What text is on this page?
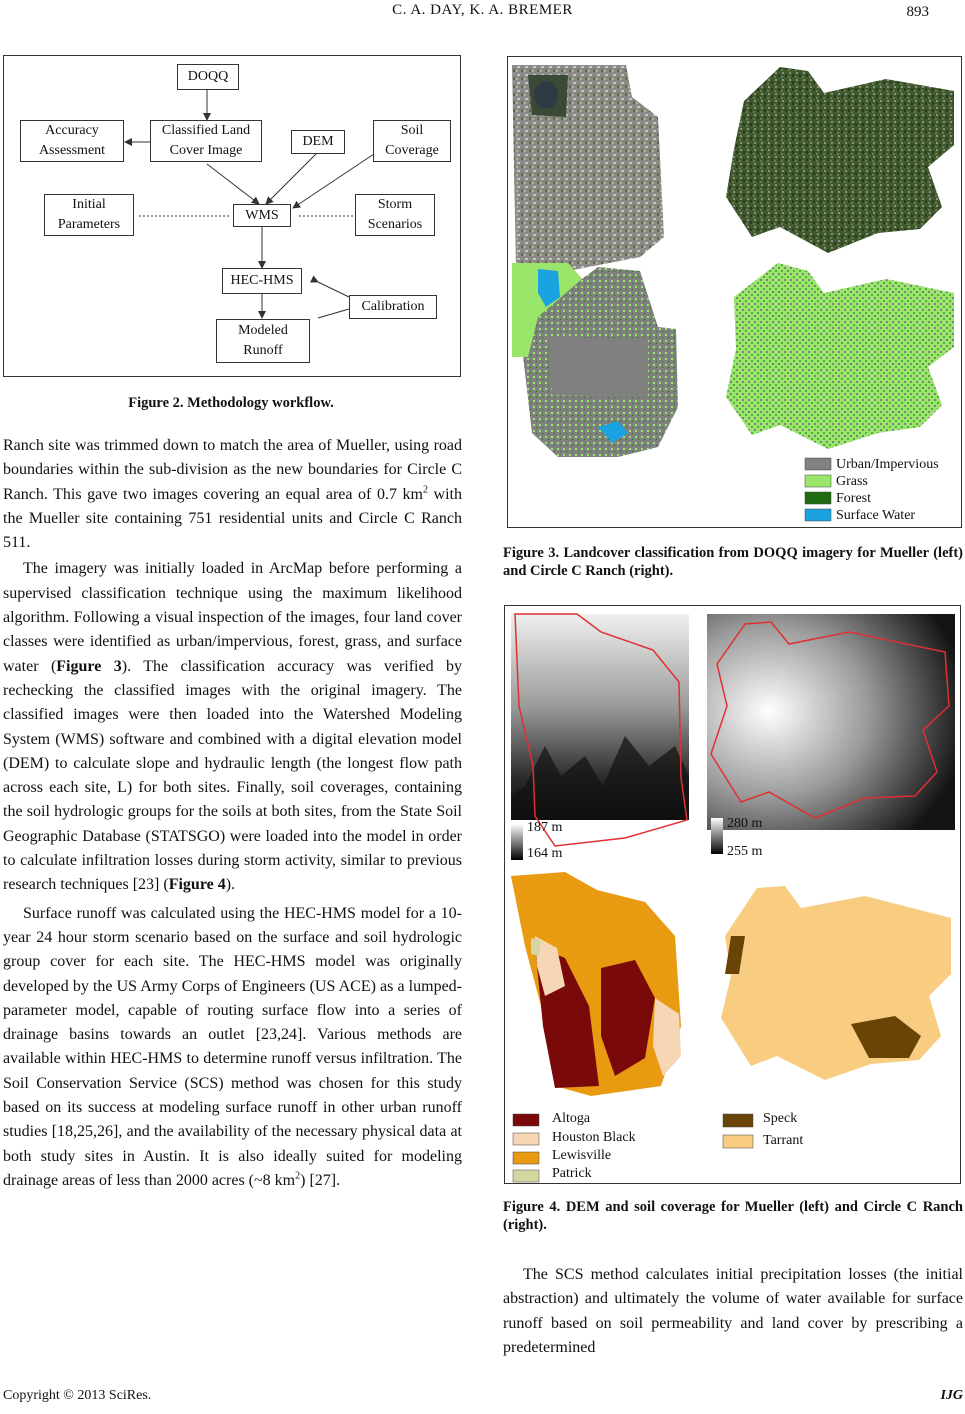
C. A. DAY, K. A. BREMER	893
DOQQ
Accuracy
Assessment
Classified Land
Cover Image
DEM
Soil
Coverage
Initial
Parameters
WMS
Storm
Scenarios
HEC-HMS
Calibration
Modeled
Runoff
Figure 2. Methodology workflow.

Ranch site was trimmed down to match the area of Mueller, using road boundaries within the sub-division as the new boundaries for Circle C Ranch. This gave two images covering an equal area of 0.7 $km^2$ with the Mueller site containing 751 residential units and Circle C Ranch 511.

The imagery was initially loaded in ArcMap before performing a supervised classification technique using the maximum likelihood algorithm. Following a visual inspection of the images, four land cover classes were identified as urban/impervious, forest, grass, and surface water (Figure 3). The classification accuracy was verified by rechecking the classified images with the original imagery. The classified images were then loaded into the Watershed Modeling System (WMS) software and combined with a digital elevation model (DEM) to calculate slope and hydraulic length (the longest flow path across each site, L) for both sites. Finally, soil coverages, containing the soil hydrologic groups for the soils at both sites, from the State Soil Geographic Database (STATSGO) were loaded into the model in order to calculate infiltration losses during storm activity, similar to previous research techniques [23] (Figure 4).

Surface runoff was calculated using the HEC-HMS model for a 10-year 24 hour storm scenario based on the surface and soil hydrologic group cover for each site. The HEC-HMS model was originally developed by the US Army Corps of Engineers (US ACE) as a lumped-parameter model, capable of routing surface flow into a series of drainage basins towards an outlet [23,24]. Various methods are available within HEC-HMS to determine runoff versus infiltration. The Soil Conservation Service (SCS) method was chosen for this study based on its success at modeling surface runoff in other urban runoff studies [18,25,26], and the availability of the necessary physical data at both study sites in Austin. It is also ideally suited for modeling drainage areas of less than 2000 acres (~8 $km^2$) [27].

Urban/Impervious
Grass
Forest
Surface Water
Figure 3. Landcover classification from DOQQ imagery for Mueller (left) and Circle C Ranch (right).
187 m
164 m
280 m
255 m
Altoga
Houston Black
Lewisville
Patrick
Speck
Tarrant
Figure 4. DEM and soil coverage for Mueller (left) and Circle C Ranch (right).

The SCS method calculates initial precipitation losses (the initial abstraction) and ultimately the volume of water available for surface runoff based on soil permeability and land cover by prescribing a predetermined

Copyright © 2013 SciRes.	IJG
